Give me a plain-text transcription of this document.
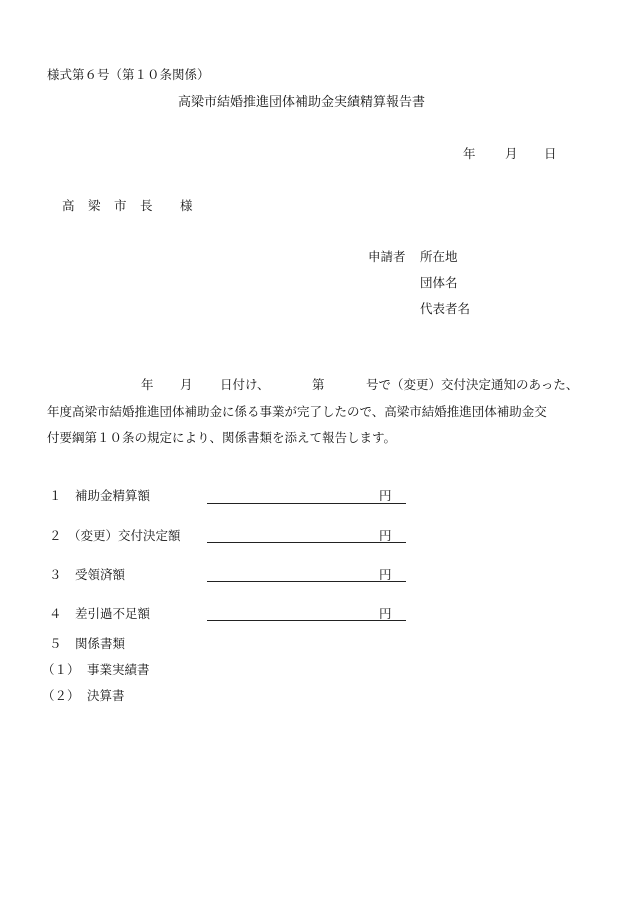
様式第６号（第１０条関係）
高梁市結婚推進団体補助金実績精算報告書
年 月 日
高 梁 市 長 様
申請者 所在地
団体名
代表者名
年 月 日付け、	第	号で（変更）交付決定通知のあった、
年度高梁市結婚推進団体補助金に係る事業が完了したので、高梁市結婚推進団体補助金交
付要綱第１０条の規定により、関係書類を添えて報告します。
１ 補助金精算額	円
２ （変更）交付決定額	円
３ 受領済額	円
４ 差引過不足額	円
５ 関係書類
（１） 事業実績書
（２） 決算書
